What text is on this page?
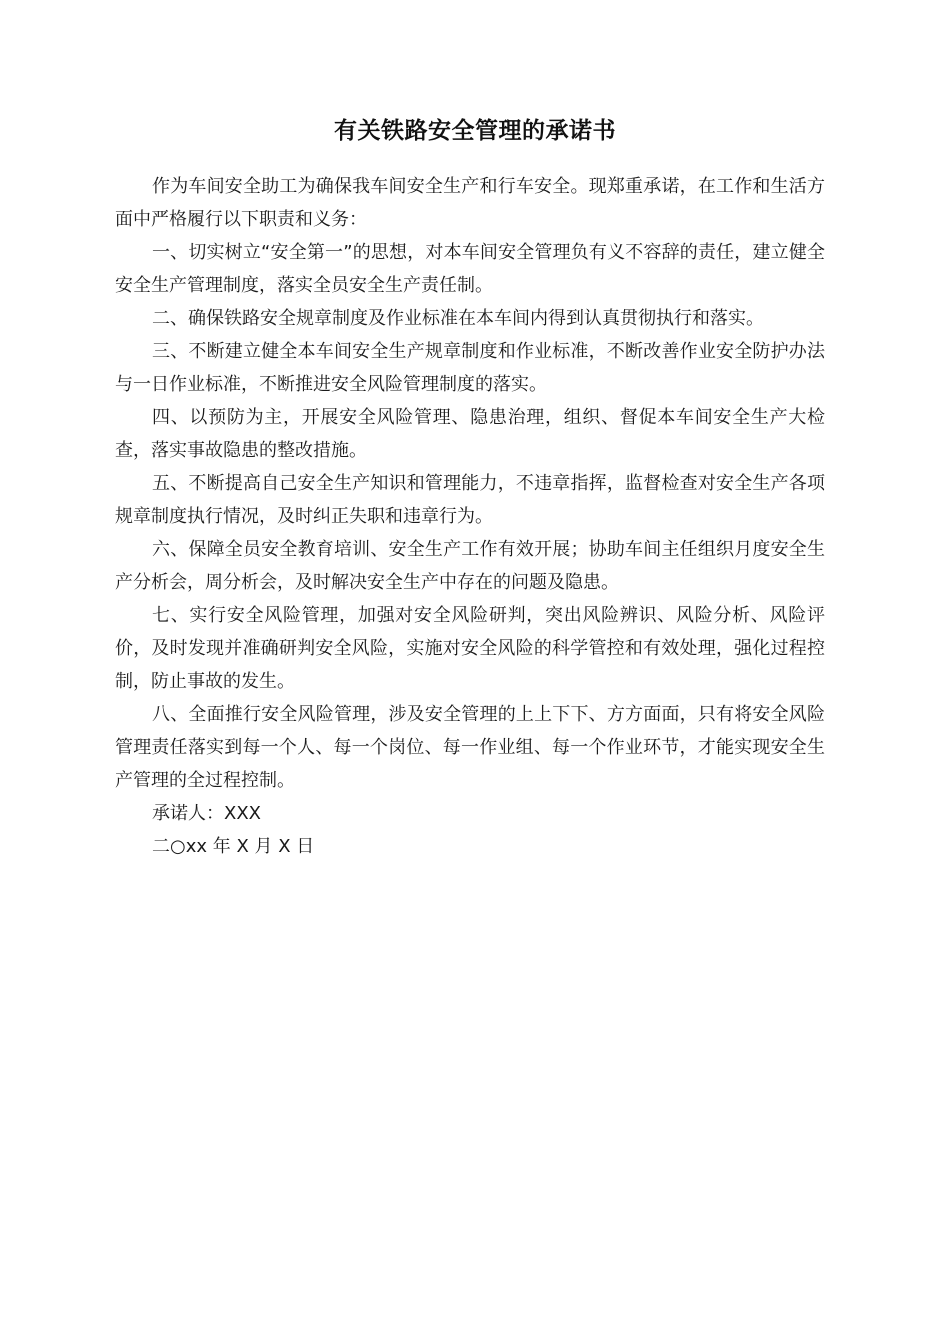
有关铁路安全管理的承诺书

作为车间安全助工为确保我车间安全生产和行车安全。现郑重承诺，在工作和生活方面中严格履行以下职责和义务：

一、切实树立“安全第一”的思想，对本车间安全管理负有义不容辞的责任，建立健全安全生产管理制度，落实全员安全生产责任制。

二、确保铁路安全规章制度及作业标准在本车间内得到认真贯彻执行和落实。

三、不断建立健全本车间安全生产规章制度和作业标准，不断改善作业安全防护办法与一日作业标准，不断推进安全风险管理制度的落实。

四、以预防为主，开展安全风险管理、隐患治理，组织、督促本车间安全生产大检查，落实事故隐患的整改措施。

五、不断提高自己安全生产知识和管理能力，不违章指挥，监督检查对安全生产各项规章制度执行情况，及时纠正失职和违章行为。

六、保障全员安全教育培训、安全生产工作有效开展；协助车间主任组织月度安全生产分析会，周分析会，及时解决安全生产中存在的问题及隐患。

七、实行安全风险管理，加强对安全风险研判，突出风险辨识、风险分析、风险评价，及时发现并准确研判安全风险，实施对安全风险的科学管控和有效处理，强化过程控制，防止事故的发生。

八、全面推行安全风险管理，涉及安全管理的上上下下、方方面面，只有将安全风险管理责任落实到每一个人、每一个岗位、每一作业组、每一个作业环节，才能实现安全生产管理的全过程控制。

承诺人：XXX

二○xx 年 X 月 X 日
